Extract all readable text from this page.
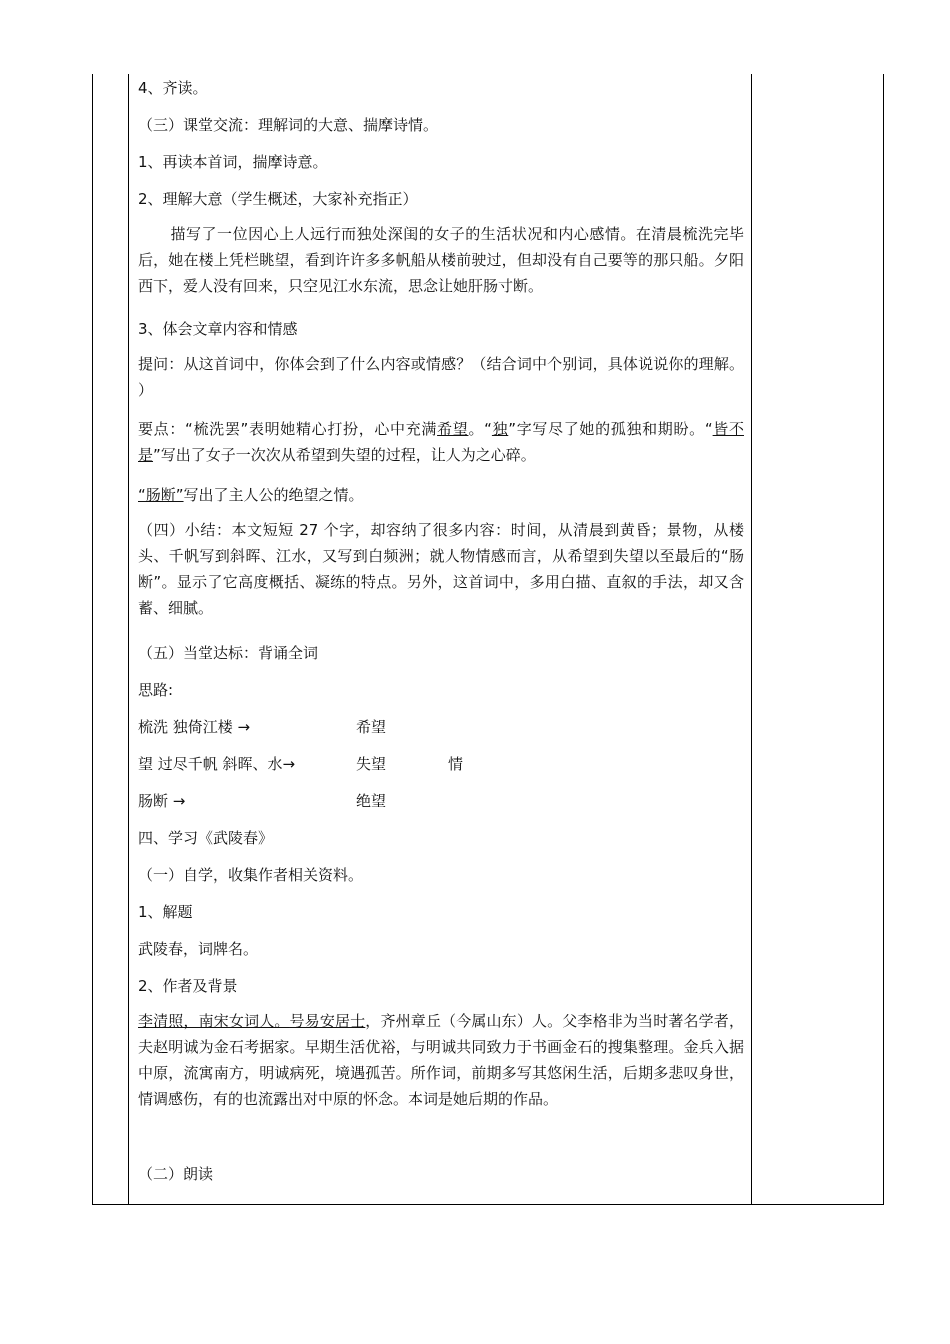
4、齐读。
（三）课堂交流：理解词的大意、揣摩诗情。
1、再读本首词，揣摩诗意。
2、理解大意（学生概述，大家补充指正）
描写了一位因心上人远行而独处深闺的女子的生活状况和内心感情。在清晨梳洗完毕后，她在楼上凭栏眺望，看到许许多多帆船从楼前驶过，但却没有自己要等的那只船。夕阳西下，爱人没有回来，只空见江水东流，思念让她肝肠寸断。
3、体会文章内容和情感
提问：从这首词中，你体会到了什么内容或情感？（结合词中个别词，具体说说你的理解。 ）
要点：“梳洗罢”表明她精心打扮，心中充满希望。“独”字写尽了她的孤独和期盼。“皆不是”写出了女子一次次从希望到失望的过程，让人为之心碎。
“肠断”写出了主人公的绝望之情。
（四）小结：本文短短 27 个字，却容纳了很多内容：时间，从清晨到黄昏；景物，从楼头、千帆写到斜晖、江水，又写到白频洲；就人物情感而言，从希望到失望以至最后的“肠断”。显示了它高度概括、凝练的特点。另外，这首词中，多用白描、直叙的手法，却又含蓄、细腻。
（五）当堂达标：背诵全词
思路:
梳洗 独倚江楼 →	希望
望 过尽千帆 斜晖、水→	失望	情
肠断 →	绝望
四、学习《武陵春》
（一）自学，收集作者相关资料。
1、解题
武陵春，词牌名。
2、作者及背景
李清照，南宋女词人。号易安居士，齐州章丘（今属山东）人。父李格非为当时著名学者，夫赵明诚为金石考据家。早期生活优裕，与明诚共同致力于书画金石的搜集整理。金兵入据中原，流寓南方，明诚病死，境遇孤苦。所作词，前期多写其悠闲生活，后期多悲叹身世，情调感伤，有的也流露出对中原的怀念。本词是她后期的作品。
（二）朗读
